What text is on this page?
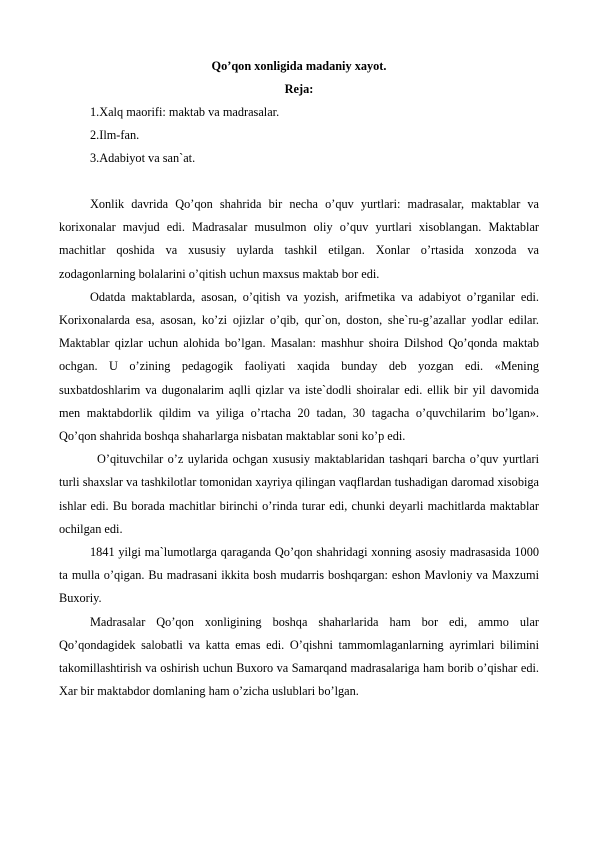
Qo’qon xonligida madaniy xayot.

Reja:

1.Xalq maorifi: maktab va madrasalar.
2.Ilm-fan.
3.Adabiyot va san`at.

Xonlik davrida Qo’qon shahrida bir necha o’quv yurtlari: madrasalar, maktablar va korixonalar mavjud edi. Madrasalar musulmon oliy o’quv yurtlari xisoblangan. Maktablar machitlar qoshida va xususiy uylarda tashkil etilgan. Xonlar o’rtasida xonzoda va zodagonlarning bolalarini o’qitish uchun maxsus maktab bor edi.

Odatda maktablarda, asosan, o’qitish va yozish, arifmetika va adabiyot o’rganilar edi. Korixonalarda esa, asosan, ko’zi ojizlar o’qib, qur`on, doston, she`ru-g’azallar yodlar edilar. Maktablar qizlar uchun alohida bo’lgan. Masalan: mashhur shoira Dilshod Qo’qonda maktab ochgan. U o’zining pedagogik faoliyati xaqida bunday deb yozgan edi. «Mening suxbatdoshlarim va dugonalarim aqlli qizlar va iste`dodli shoiralar edi. ellik bir yil davomida men maktabdorlik qildim va yiliga o’rtacha 20 tadan, 30 tagacha o’quvchilarim bo’lgan». Qo’qon shahrida boshqa shaharlarga nisbatan maktablar soni ko’p edi.

O’qituvchilar o’z uylarida ochgan xususiy maktablaridan tashqari barcha o’quv yurtlari turli shaxslar va tashkilotlar tomonidan xayriya qilingan vaqflardan tushadigan daromad xisobiga ishlar edi. Bu borada machitlar birinchi o’rinda turar edi, chunki deyarli machitlarda maktablar ochilgan edi.

1841 yilgi ma`lumotlarga qaraganda Qo’qon shahridagi xonning asosiy madrasasida 1000 ta mulla o’qigan. Bu madrasani ikkita bosh mudarris boshqargan: eshon Mavloniy va Maxzumi Buxoriy.

Madrasalar Qo’qon xonligining boshqa shaharlarida ham bor edi, ammo ular Qo’qondagidek salobatli va katta emas edi. O’qishni tammomlaganlarning ayrimlari bilimini takomillashtirish va oshirish uchun Buxoro va Samarqand madrasalariga ham borib o’qishar edi. Xar bir maktabdor domlaning ham o’zicha uslublari bo’lgan.
